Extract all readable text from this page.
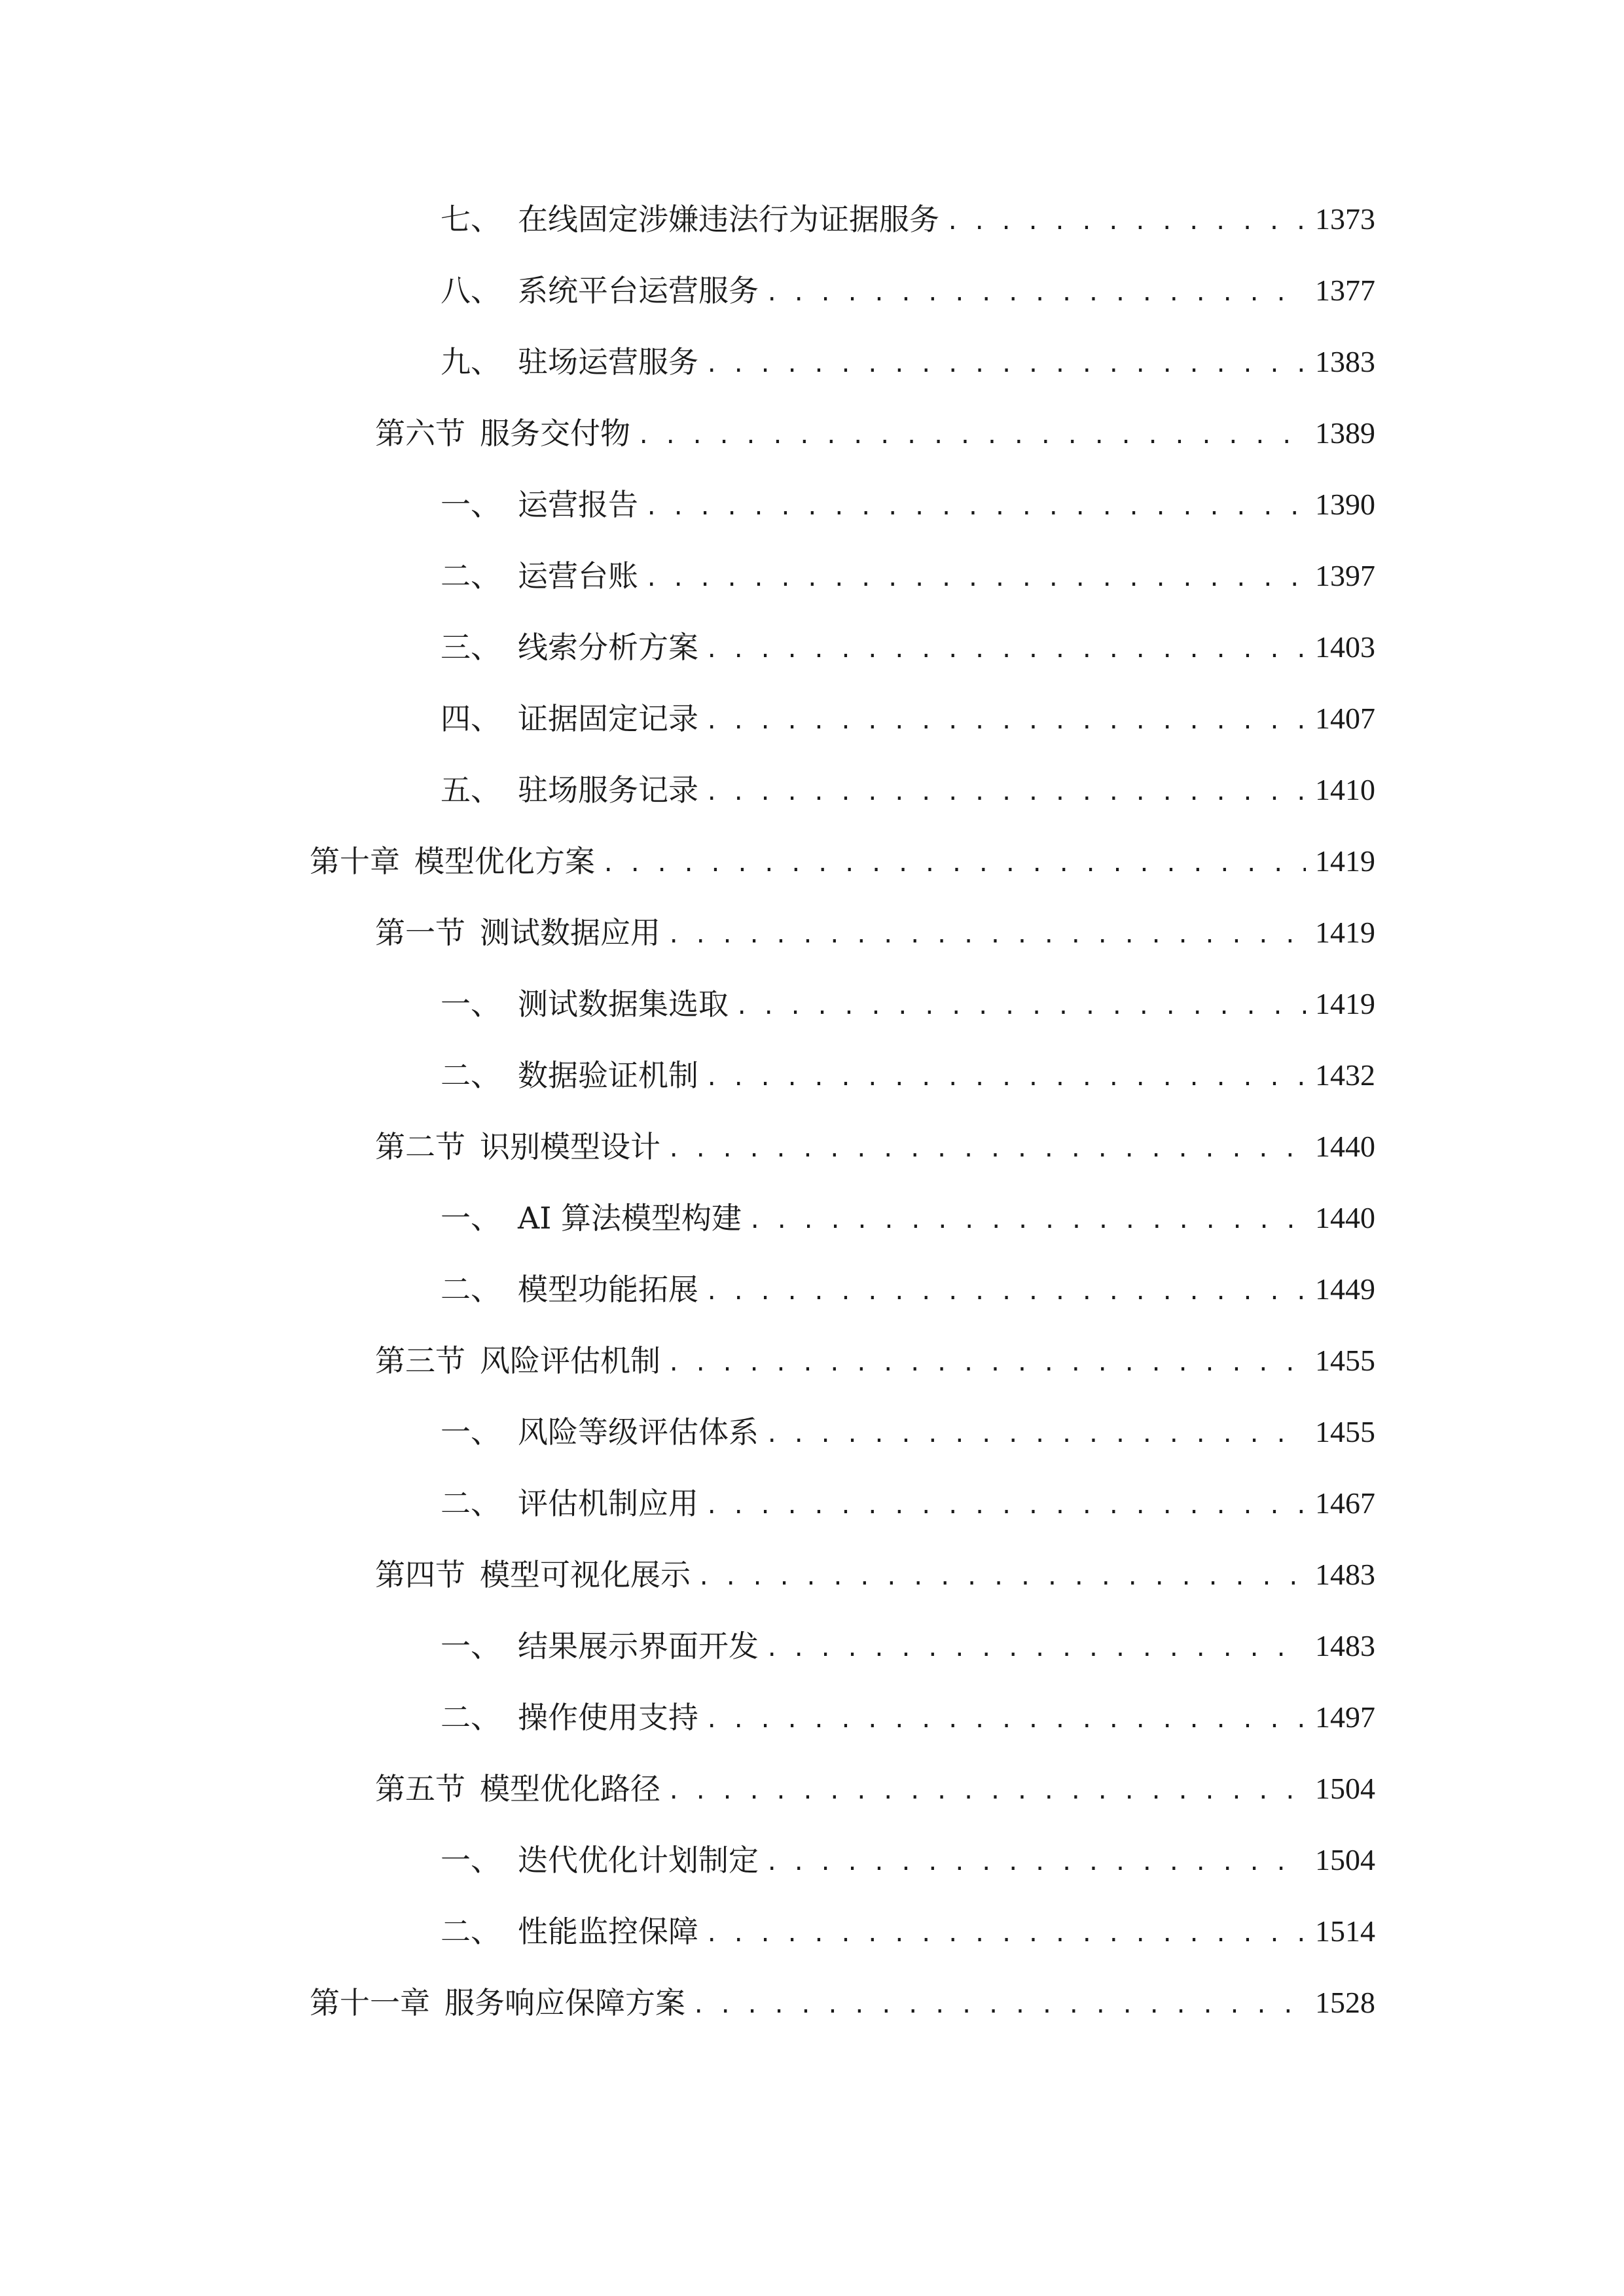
七、 在线固定涉嫌违法行为证据服务 . . .	1373
八、 系统平台运营服务 . . .	1377
九、 驻场运营服务 . . .	1383
第六节 服务交付物 . . .	1389
一、 运营报告 . . .	1390
二、 运营台账 . . .	1397
三、 线索分析方案 . . .	1403
四、 证据固定记录 . . .	1407
五、 驻场服务记录 . . .	1410
第十章 模型优化方案 . . .	1419
第一节 测试数据应用 . . .	1419
一、 测试数据集选取 . . .	1419
二、 数据验证机制 . . .	1432
第二节 识别模型设计 . . .	1440
一、 AI 算法模型构建 . . .	1440
二、 模型功能拓展 . . .	1449
第三节 风险评估机制 . . .	1455
一、 风险等级评估体系 . . .	1455
二、 评估机制应用 . . .	1467
第四节 模型可视化展示 . . .	1483
一、 结果展示界面开发 . . .	1483
二、 操作使用支持 . . .	1497
第五节 模型优化路径 . . .	1504
一、 迭代优化计划制定 . . .	1504
二、 性能监控保障 . . .	1514
第十一章 服务响应保障方案 . . .	1528
